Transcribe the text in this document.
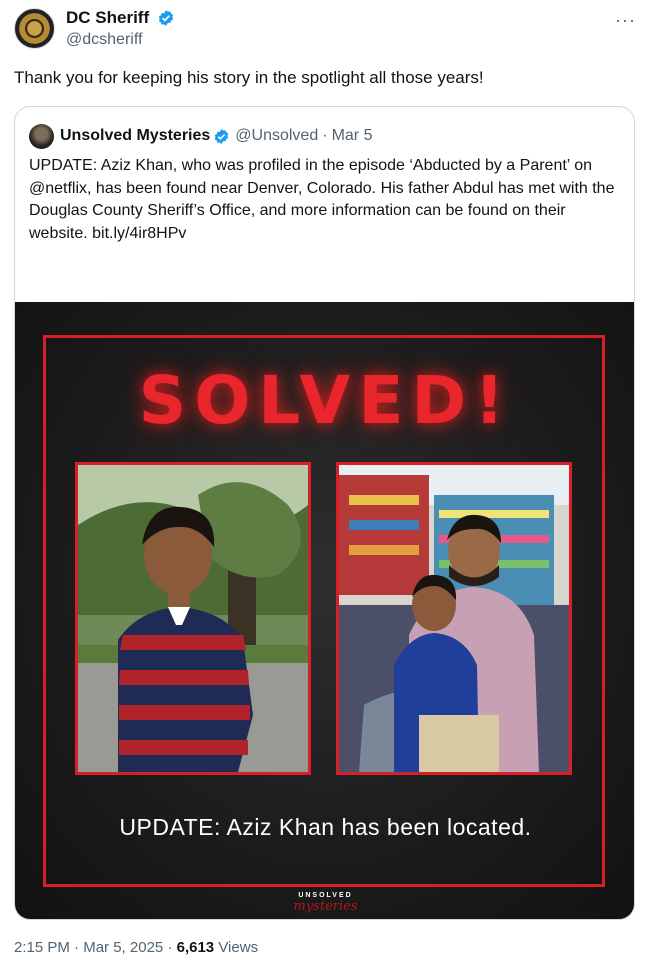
DC Sheriff
@dcsheriff
···
Thank you for keeping his story in the spotlight all those years!
Unsolved Mysteries @Unsolved · Mar 5
UPDATE: Aziz Khan, who was profiled in the episode ‘Abducted by a Parent’ on @netflix, has been found near Denver, Colorado. His father Abdul has met with the Douglas County Sheriff’s Office, and more information can be found on their website. bit.ly/4ir8HPv
SOLVED!
UPDATE: Aziz Khan has been located.
UNSOLVED
mysteries
2:15 PM · Mar 5, 2025 · 6,613 Views
